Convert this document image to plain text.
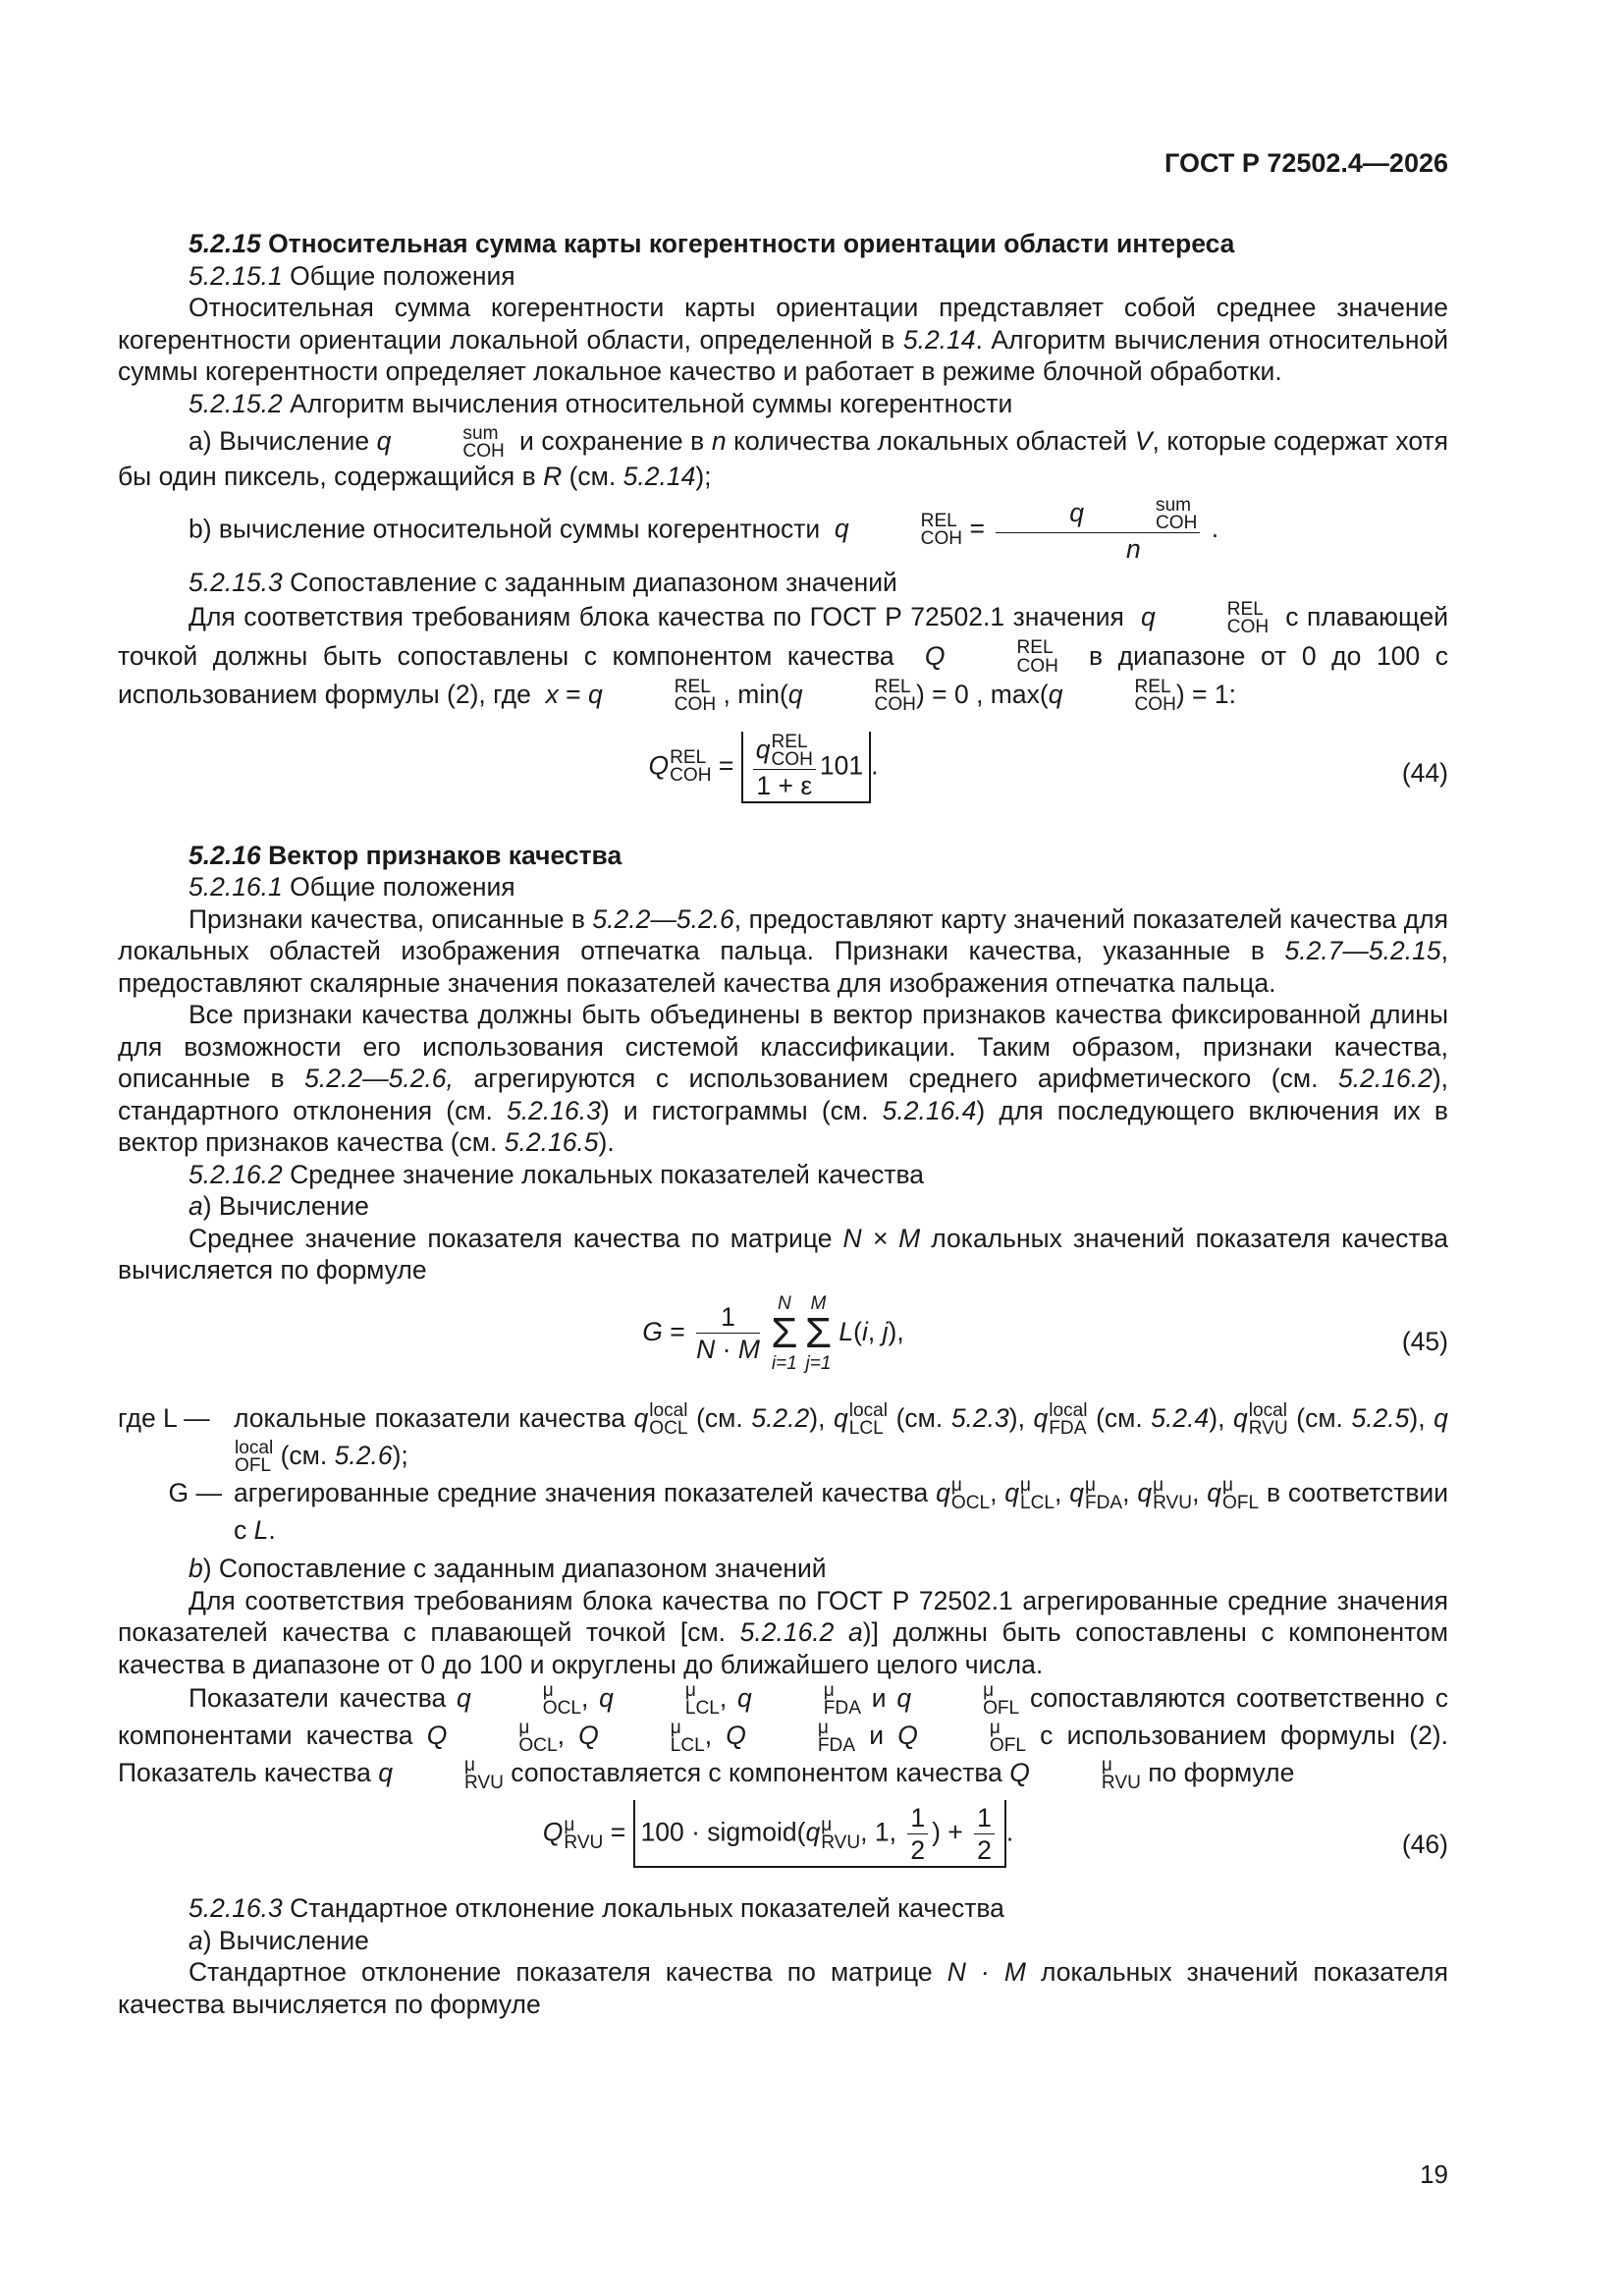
ГОСТ Р 72502.4—2026

5.2.15 Относительная сумма карты когерентности ориентации области интереса

5.2.15.1 Общие положения

Относительная сумма когерентности карты ориентации представляет собой среднее значение когерентности ориентации локальной области, определенной в 5.2.14. Алгоритм вычисления относительной суммы когерентности определяет локальное качество и работает в режиме блочной обработки.

5.2.15.2 Алгоритм вычисления относительной суммы когерентности

а) Вычисление q	sum
COH и сохранение в n количества локальных областей V, которые содержат хотя бы один пиксель, содержащийся в R (см. 5.2.14);

b) вычисление относительной суммы когерентности q	REL
COH = q	sum
COH
n .

5.2.15.3 Сопоставление с заданным диапазоном значений

Для соответствия требованиям блока качества по ГОСТ Р 72502.1 значения q	REL
COH с плавающей точкой должны быть сопоставлены с компонентом качества Q	REL
COH в диапазоне от 0 до 100 с использованием формулы (2), где x = q	REL
COH , min(q	REL
COH ) = 0 , max(q	REL
COH ) = 1:

Q REL
COH = q REL
COH
1 + ε 101 .	(44)

5.2.16 Вектор признаков качества

5.2.16.1 Общие положения

Признаки качества, описанные в 5.2.2—5.2.6, предоставляют карту значений показателей качества для локальных областей изображения отпечатка пальца. Признаки качества, указанные в 5.2.7—5.2.15, предоставляют скалярные значения показателей качества для изображения отпечатка пальца.

Все признаки качества должны быть объединены в вектор признаков качества фиксированной длины для возможности его использования системой классификации. Таким образом, признаки качества, описанные в 5.2.2—5.2.6, агрегируются с использованием среднего арифметического (см. 5.2.16.2), стандартного отклонения (см. 5.2.16.3) и гистограммы (см. 5.2.16.4) для последующего включения их в вектор признаков качества (см. 5.2.16.5).

5.2.16.2 Среднее значение локальных показателей качества

а) Вычисление

Среднее значение показателя качества по матрице N × M локальных значений показателя качества вычисляется по формуле

$G = \frac{1}{N \cdot M}$
N
Σ
i=1

M
Σ
j=1
L(i, j),	(45)
где L — локальные показатели качества q local
OCL (см. 5.2.2), q local
LCL (см. 5.2.3), q local
FDA (см. 5.2.4), q local
RVU (см. 5.2.5), q
local
OFL (см. 5.2.6);
G — агрегированные средние значения показателей качества q μ
OCL , q μ
LCL , q μ
FDA , q μ
RVU , q μ
OFL в соответствии с L.

b) Сопоставление с заданным диапазоном значений

Для соответствия требованиям блока качества по ГОСТ Р 72502.1 агрегированные средние значения показателей качества с плавающей точкой [см. 5.2.16.2 а)] должны быть сопоставлены с компонентом качества в диапазоне от 0 до 100 и округлены до ближайшего целого числа.

Показатели качества q	μ
OCL , q	μ
LCL , q	μ
FDA и q	μ
OFL сопоставляются соответственно с компонентами качества Q	μ
OCL , Q	μ
LCL , Q	μ
FDA и Q	μ
OFL с использованием формулы (2). Показатель качества q	μ
RVU сопоставляется с компонентом качества Q	μ
RVU по формуле

Q μ
RVU = 100 · sigmoid(q μ
RVU , 1, $\frac{1}{2}$ ) + $\frac{1}{2}$ .	(46)

5.2.16.3 Стандартное отклонение локальных показателей качества

а) Вычисление

Стандартное отклонение показателя качества по матрице N · M локальных значений показателя качества вычисляется по формуле

19
